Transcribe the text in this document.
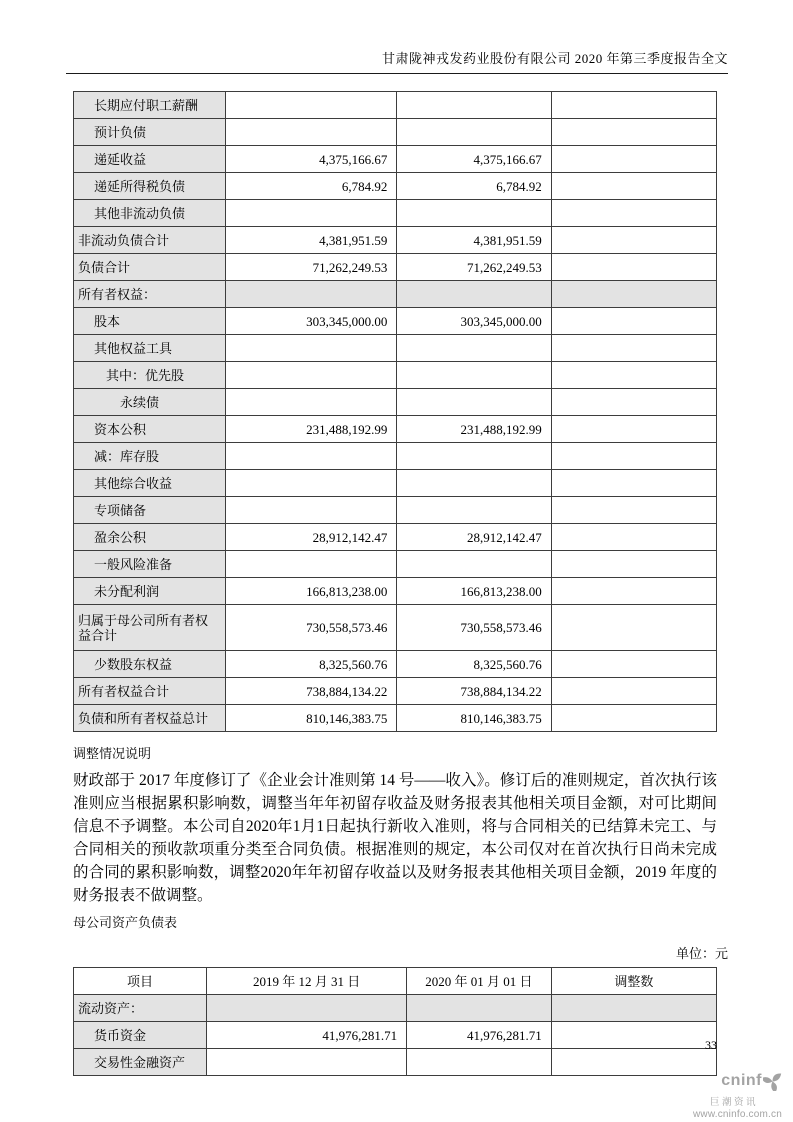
甘肃陇神戎发药业股份有限公司 2020 年第三季度报告全文
长期应付职工薪酬			
预计负债			
递延收益	4,375,166.67	4,375,166.67	
递延所得税负债	6,784.92	6,784.92	
其他非流动负债			
非流动负债合计	4,381,951.59	4,381,951.59	
负债合计	71,262,249.53	71,262,249.53	
所有者权益：			
股本	303,345,000.00	303,345,000.00	
其他权益工具			
其中：优先股			
永续债			
资本公积	231,488,192.99	231,488,192.99	
减：库存股			
其他综合收益			
专项储备			
盈余公积	28,912,142.47	28,912,142.47	
一般风险准备			
未分配利润	166,813,238.00	166,813,238.00	
归属于母公司所有者权益合计	730,558,573.46	730,558,573.46	
少数股东权益	8,325,560.76	8,325,560.76	
所有者权益合计	738,884,134.22	738,884,134.22	
负债和所有者权益总计	810,146,383.75	810,146,383.75	
调整情况说明

财政部于 2017 年度修订了《企业会计准则第 14 号——收入》。修订后的准则规定，首次执行该准则应当根据累积影响数，调整当年年初留存收益及财务报表其他相关项目金额，对可比期间信息不予调整。本公司自2020年1月1日起执行新收入准则，将与合同相关的已结算未完工、与合同相关的预收款项重分类至合同负债。根据准则的规定，本公司仅对在首次执行日尚未完成的合同的累积影响数，调整2020年年初留存收益以及财务报表其他相关项目金额，2019 年度的财务报表不做调整。

母公司资产负债表
单位：元
项目	2019 年 12 月 31 日	2020 年 01 月 01 日	调整数
流动资产：			
货币资金	41,976,281.71	41,976,281.71	
交易性金融资产			
33
cninf
巨潮资讯
www.cninfo.com.cn
